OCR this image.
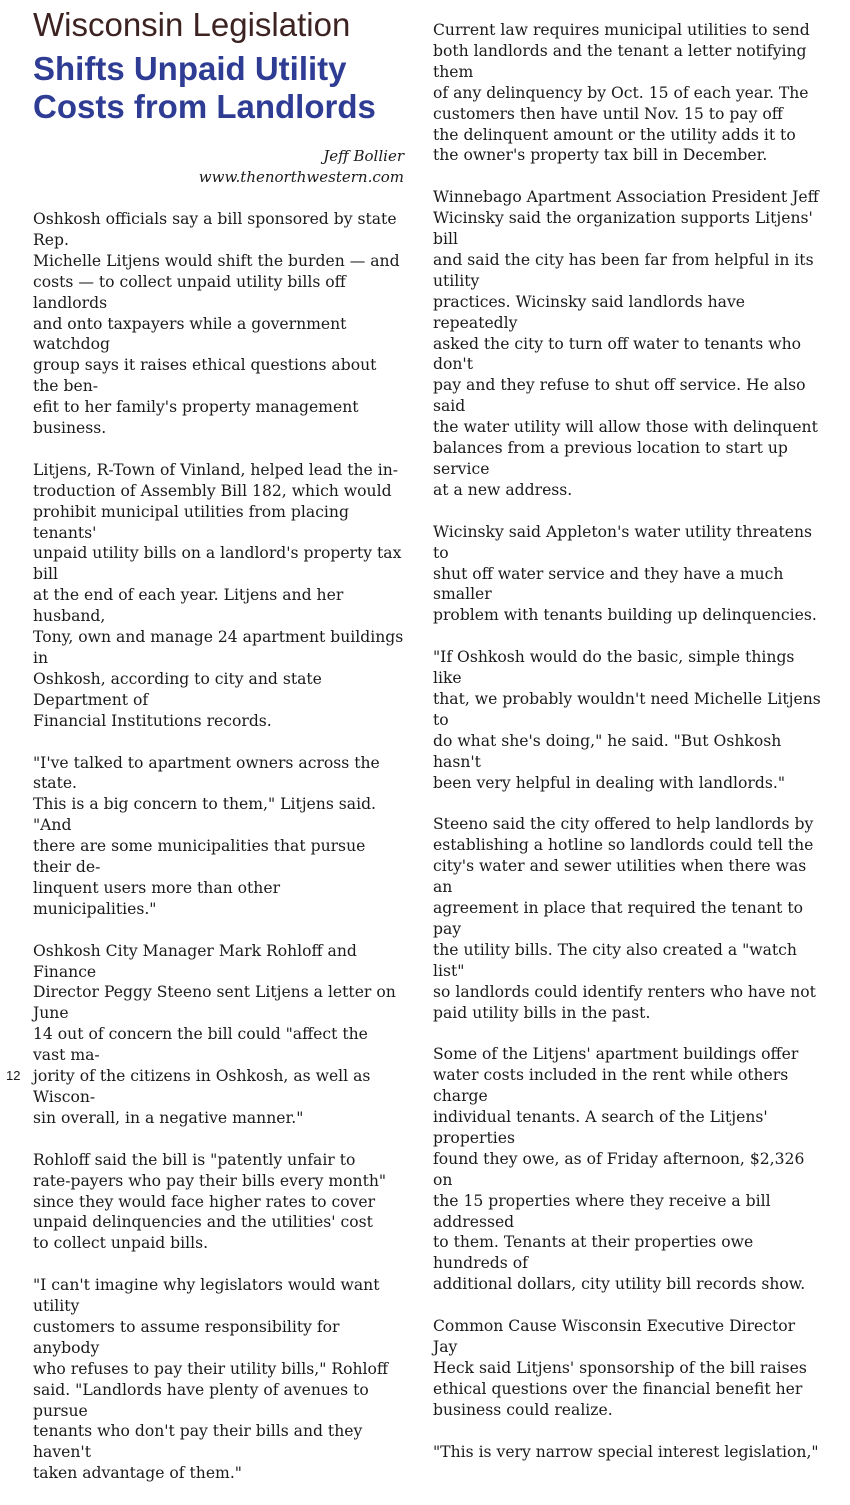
Wisconsin Legislation
Shifts Unpaid Utility
Costs from Landlords
Jeff Bollier
www.thenorthwestern.com

Oshkosh officials say a bill sponsored by state Rep.
Michelle Litjens would shift the burden — and
costs — to collect unpaid utility bills off landlords
and onto taxpayers while a government watchdog
group says it raises ethical questions about the ben-
efit to her family's property management business.

Litjens, R-Town of Vinland, helped lead the in-
troduction of Assembly Bill 182, which would
prohibit municipal utilities from placing tenants'
unpaid utility bills on a landlord's property tax bill
at the end of each year. Litjens and her husband,
Tony, own and manage 24 apartment buildings in
Oshkosh, according to city and state Department of
Financial Institutions records.

"I've talked to apartment owners across the state.
This is a big concern to them," Litjens said. "And
there are some municipalities that pursue their de-
linquent users more than other municipalities."

Oshkosh City Manager Mark Rohloff and Finance
Director Peggy Steeno sent Litjens a letter on June
14 out of concern the bill could "affect the vast ma-
jority of the citizens in Oshkosh, as well as Wiscon-
sin overall, in a negative manner."

Rohloff said the bill is "patently unfair to
rate-payers who pay their bills every month"
since they would face higher rates to cover
unpaid delinquencies and the utilities' cost
to collect unpaid bills.

"I can't imagine why legislators would want utility
customers to assume responsibility for anybody
who refuses to pay their utility bills," Rohloff
said. "Landlords have plenty of avenues to pursue
tenants who don't pay their bills and they haven't
taken advantage of them."

Current law requires municipal utilities to send
both landlords and the tenant a letter notifying them
of any delinquency by Oct. 15 of each year. The
customers then have until Nov. 15 to pay off
the delinquent amount or the utility adds it to
the owner's property tax bill in December.

Winnebago Apartment Association President Jeff
Wicinsky said the organization supports Litjens' bill
and said the city has been far from helpful in its utility
practices. Wicinsky said landlords have repeatedly
asked the city to turn off water to tenants who don't
pay and they refuse to shut off service. He also said
the water utility will allow those with delinquent
balances from a previous location to start up service
at a new address.

Wicinsky said Appleton's water utility threatens to
shut off water service and they have a much smaller
problem with tenants building up delinquencies.

"If Oshkosh would do the basic, simple things like
that, we probably wouldn't need Michelle Litjens to
do what she's doing," he said. "But Oshkosh hasn't
been very helpful in dealing with landlords."

Steeno said the city offered to help landlords by
establishing a hotline so landlords could tell the
city's water and sewer utilities when there was an
agreement in place that required the tenant to pay
the utility bills. The city also created a "watch list"
so landlords could identify renters who have not
paid utility bills in the past.

Some of the Litjens' apartment buildings offer
water costs included in the rent while others charge
individual tenants. A search of the Litjens' properties
found they owe, as of Friday afternoon, $2,326 on
the 15 properties where they receive a bill addressed
to them. Tenants at their properties owe hundreds of
additional dollars, city utility bill records show.

Common Cause Wisconsin Executive Director Jay
Heck said Litjens' sponsorship of the bill raises
ethical questions over the financial benefit her
business could realize.

"This is very narrow special interest legislation,"

12
